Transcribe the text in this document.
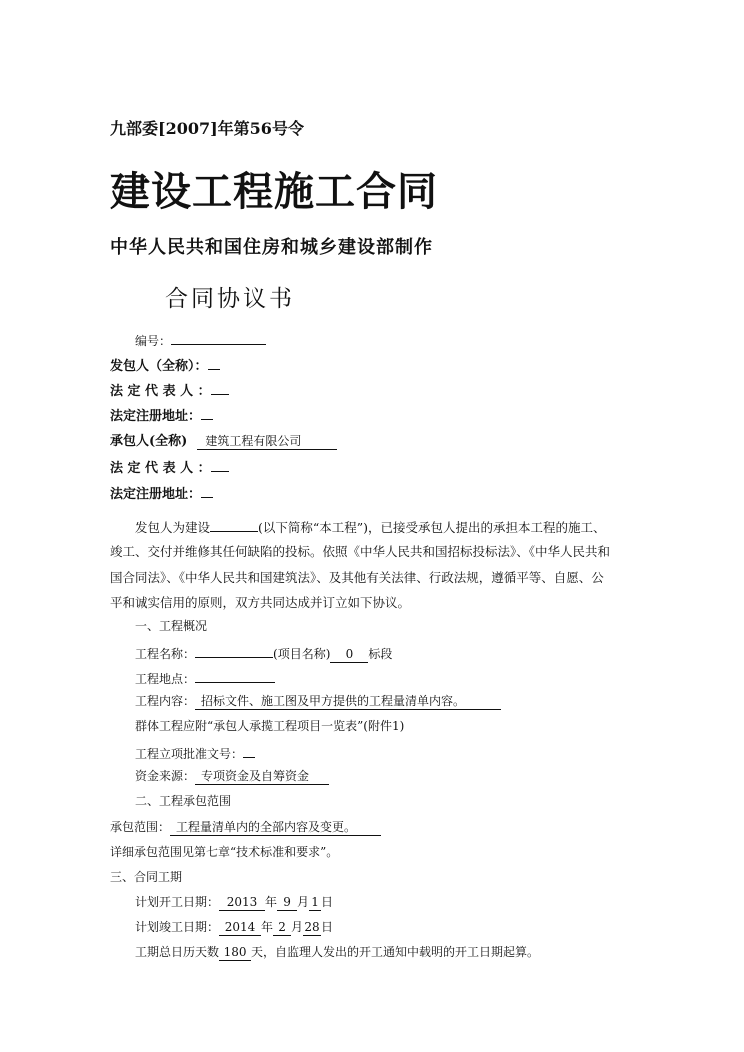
九部委[2007]年第56号令
建设工程施工合同
中华人民共和国住房和城乡建设部制作
合同协议书
编号：
发包人（全称）：
法 定 代 表 人 ：
法定注册地址：
承包人(全称) 建筑工程有限公司
法 定 代 表 人 ：
法定注册地址：
发包人为建设	(以下简称“本工程”)，已接受承包人提出的承担本工程的施工、
竣工、交付并维修其任何缺陷的投标。依照《中华人民共和国招标投标法》、《中华人民共和
国合同法》、《中华人民共和国建筑法》、及其他有关法律、行政法规，遵循平等、自愿、公
平和诚实信用的原则，双方共同达成并订立如下协议。
一、工程概况
工程名称：	(项目名称) 0 标段
工程地点：
工程内容： 招标文件、施工图及甲方提供的工程量清单内容。
群体工程应附“承包人承揽工程项目一览表”(附件1)
工程立项批准文号：
资金来源： 专项资金及自筹资金
二、工程承包范围
承包范围： 工程量清单内的全部内容及变更。
详细承包范围见第七章“技术标准和要求”。
三、合同工期
计划开工日期： 2013 年 9 月 1 日
计划竣工日期： 2014 年 2 月28日
工期总日历天数 180 天，自监理人发出的开工通知中载明的开工日期起算。
